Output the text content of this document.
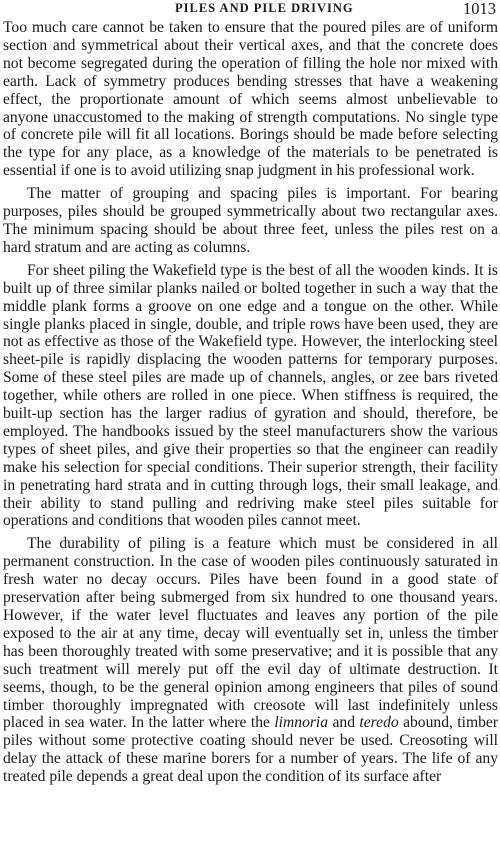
PILES AND PILE DRIVING	1013

Too much care cannot be taken to ensure that the poured piles are of uniform section and symmetrical about their vertical axes, and that the concrete does not become segregated during the operation of filling the hole nor mixed with earth. Lack of symmetry produces bending stresses that have a weakening effect, the proportionate amount of which seems almost unbelievable to anyone unaccustomed to the making of strength computations. No single type of concrete pile will fit all locations. Borings should be made before selecting the type for any place, as a knowledge of the materials to be penetrated is essential if one is to avoid utilizing snap judgment in his professional work.

The matter of grouping and spacing piles is important. For bearing purposes, piles should be grouped symmetrically about two rectangular axes. The minimum spacing should be about three feet, unless the piles rest on a hard stratum and are acting as columns.

For sheet piling the Wakefield type is the best of all the wooden kinds. It is built up of three similar planks nailed or bolted together in such a way that the middle plank forms a groove on one edge and a tongue on the other. While single planks placed in single, double, and triple rows have been used, they are not as effective as those of the Wakefield type. However, the interlocking steel sheet-pile is rapidly displacing the wooden patterns for temporary purposes. Some of these steel piles are made up of channels, angles, or zee bars riveted together, while others are rolled in one piece. When stiffness is required, the built-up section has the larger radius of gyration and should, therefore, be employed. The handbooks issued by the steel manufacturers show the various types of sheet piles, and give their properties so that the engineer can readily make his selection for special conditions. Their superior strength, their facility in penetrating hard strata and in cutting through logs, their small leakage, and their ability to stand pulling and redriving make steel piles suitable for operations and conditions that wooden piles cannot meet.

The durability of piling is a feature which must be considered in all permanent construction. In the case of wooden piles continuously saturated in fresh water no decay occurs. Piles have been found in a good state of preservation after being submerged from six hundred to one thousand years. However, if the water level fluctuates and leaves any portion of the pile exposed to the air at any time, decay will eventually set in, unless the timber has been thoroughly treated with some preservative; and it is possible that any such treatment will merely put off the evil day of ultimate destruction. It seems, though, to be the general opinion among engineers that piles of sound timber thoroughly impregnated with creosote will last indefinitely unless placed in sea water. In the latter where the limnoria and teredo abound, timber piles without some protective coating should never be used. Creosoting will delay the attack of these marine borers for a number of years. The life of any treated pile depends a great deal upon the condition of its surface after
